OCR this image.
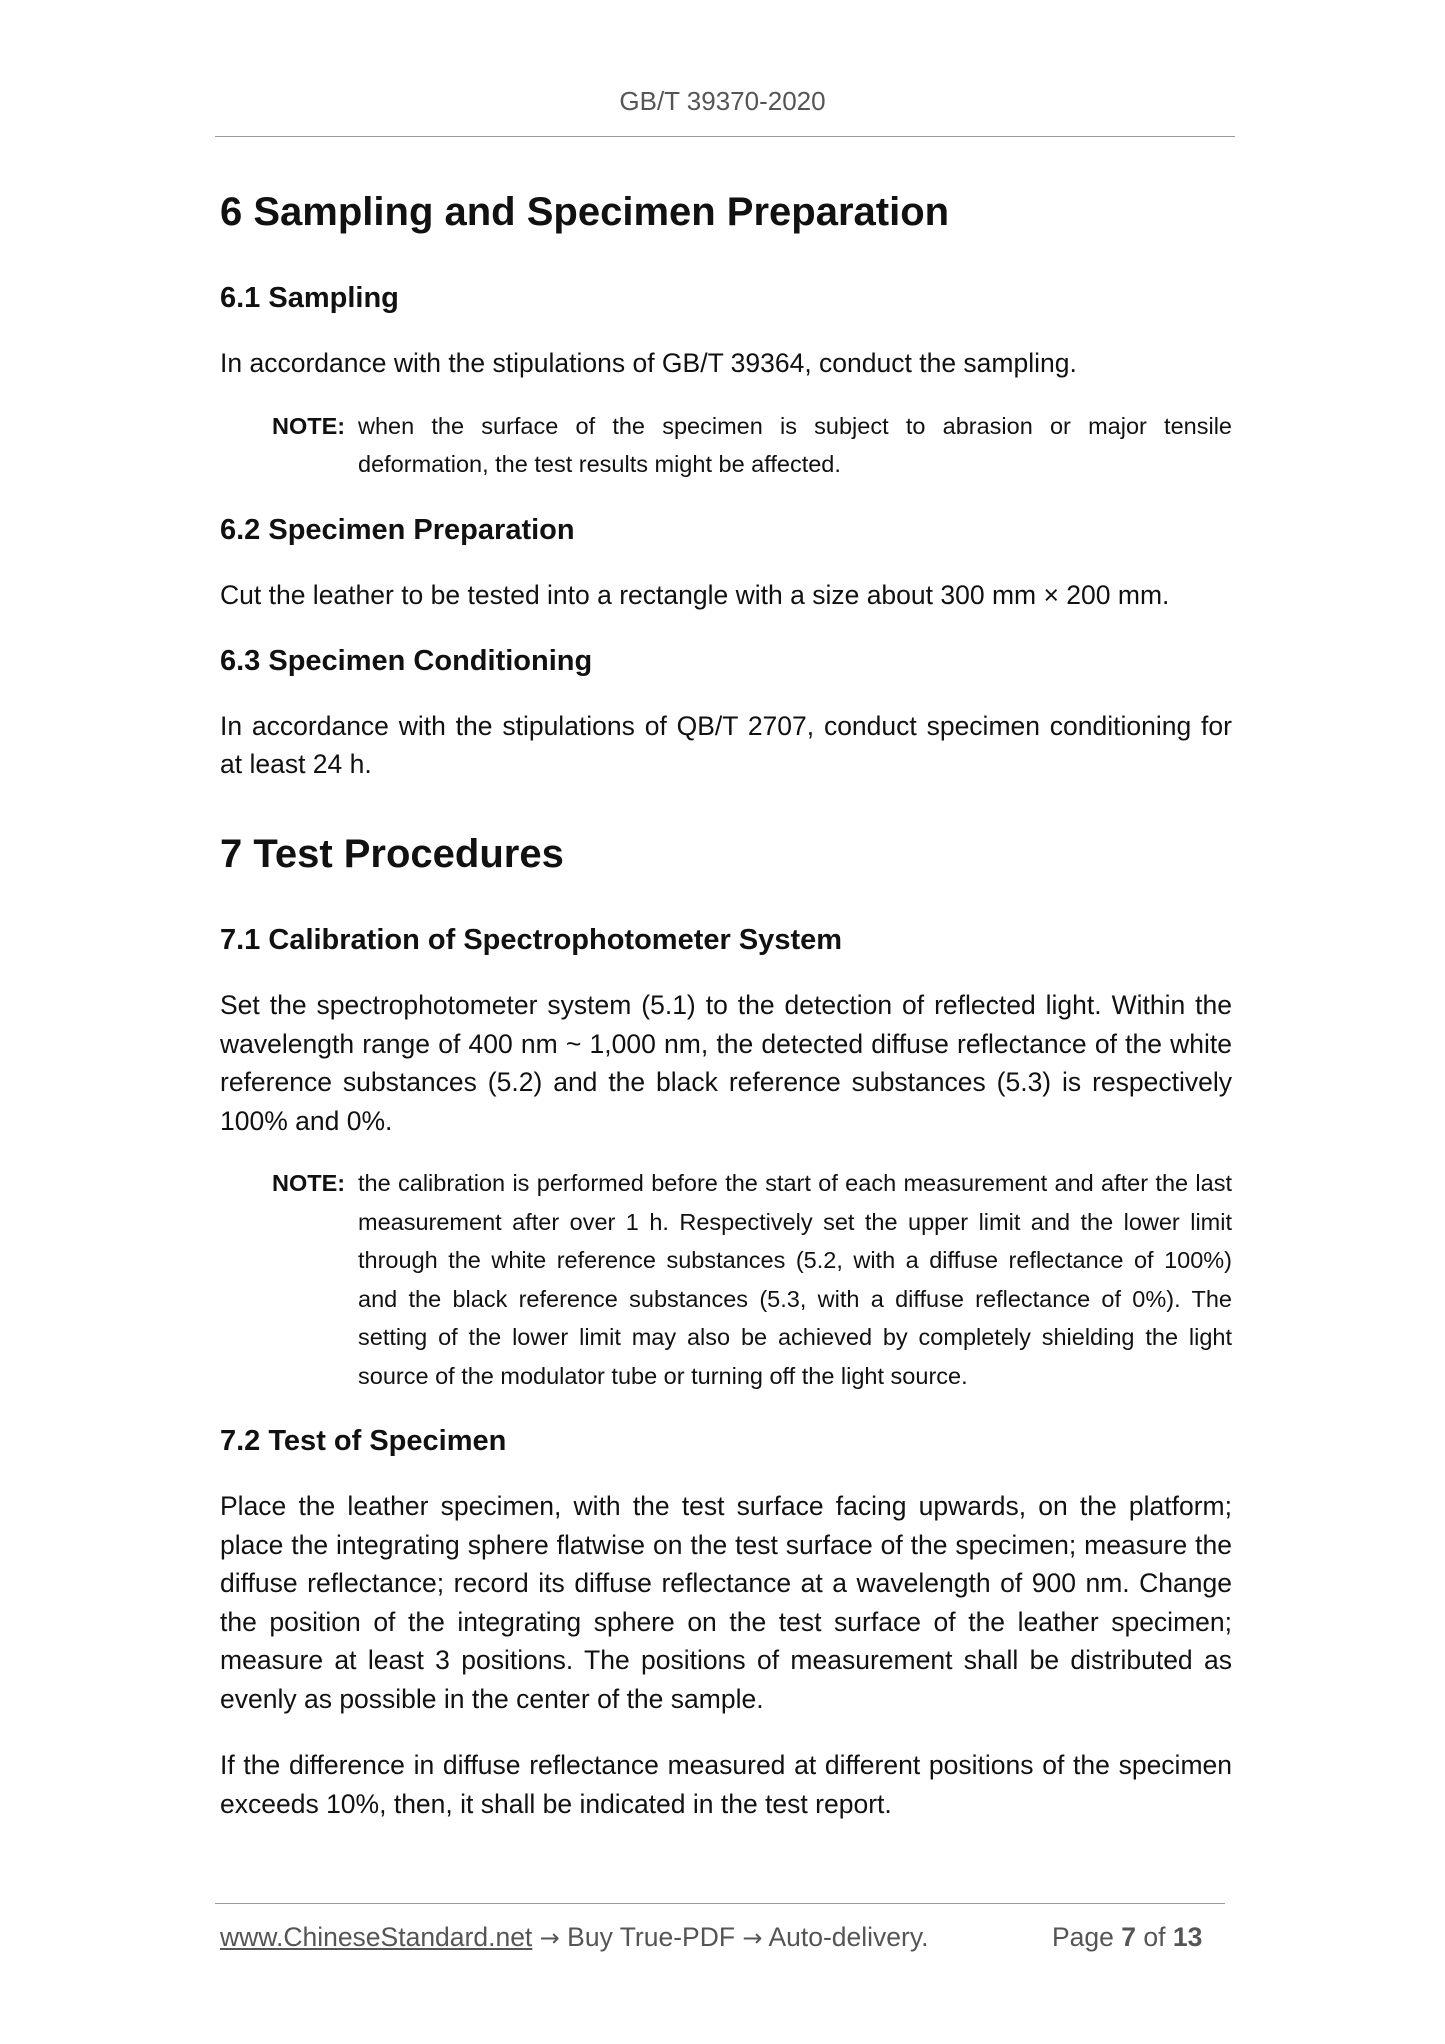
GB/T 39370-2020
6 Sampling and Specimen Preparation
6.1 Sampling

In accordance with the stipulations of GB/T 39364, conduct the sampling.

NOTE: when the surface of the specimen is subject to abrasion or major tensile deformation, the test results might be affected.
6.2 Specimen Preparation

Cut the leather to be tested into a rectangle with a size about 300 mm × 200 mm.

6.3 Specimen Conditioning

In accordance with the stipulations of QB/T 2707, conduct specimen conditioning for at least 24 h.

7 Test Procedures
7.1 Calibration of Spectrophotometer System

Set the spectrophotometer system (5.1) to the detection of reflected light. Within the wavelength range of 400 nm ~ 1,000 nm, the detected diffuse reflectance of the white reference substances (5.2) and the black reference substances (5.3) is respectively 100% and 0%.

NOTE: the calibration is performed before the start of each measurement and after the last measurement after over 1 h. Respectively set the upper limit and the lower limit through the white reference substances (5.2, with a diffuse reflectance of 100%) and the black reference substances (5.3, with a diffuse reflectance of 0%). The setting of the lower limit may also be achieved by completely shielding the light source of the modulator tube or turning off the light source.
7.2 Test of Specimen

Place the leather specimen, with the test surface facing upwards, on the platform; place the integrating sphere flatwise on the test surface of the specimen; measure the diffuse reflectance; record its diffuse reflectance at a wavelength of 900 nm. Change the position of the integrating sphere on the test surface of the leather specimen; measure at least 3 positions. The positions of measurement shall be distributed as evenly as possible in the center of the sample.

If the difference in diffuse reflectance measured at different positions of the specimen exceeds 10%, then, it shall be indicated in the test report.

www.ChineseStandard.net → Buy True-PDF → Auto-delivery.	Page 7 of 13
